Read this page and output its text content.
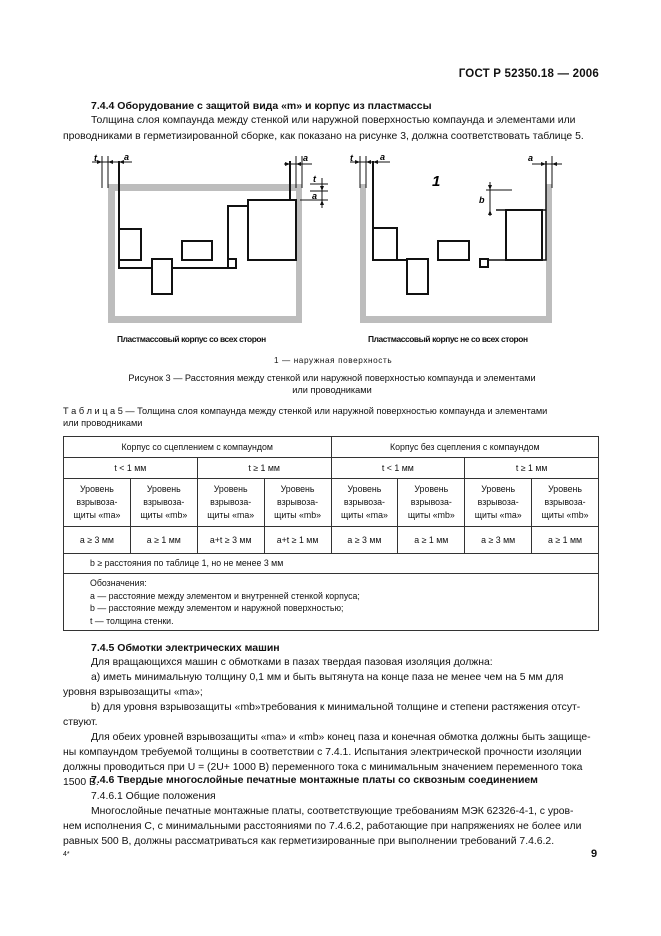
ГОСТ Р 52350.18 — 2006
7.4.4 Оборудование с защитой вида «m» и корпус из пластмассы
Толщина слоя компаунда между стенкой или наружной поверхностью компаунда и элементами или проводниками в герметизированной сборке, как показано на рисунке 3, должна соответствовать таблице 5.
t	a	a
t
a
t	a	a
b
1
Пластмассовый корпус со всех сторон	Пластмассовый корпус не со всех сторон
1 — наружная поверхность
Рисунок 3 — Расстояния между стенкой или наружной поверхностью компаунда и элементами
или проводниками
Т а б л и ц а 5 — Толщина слоя компаунда между стенкой или наружной поверхностью компаунда и элементами
или проводниками
Корпус со сцеплением с компаундом				Корпус без сцепления с компаундом			
t < 1 мм		t ≥ 1 мм		t < 1 мм		t ≥ 1 мм	
Уровень
взрывоза-
щиты «ma»	Уровень
взрывоза-
щиты «mb»	Уровень
взрывоза-
щиты «ma»	Уровень
взрывоза-
щиты «mb»	Уровень
взрывоза-
щиты «ma»	Уровень
взрывоза-
щиты «mb»	Уровень
взрывоза-
щиты «ma»	Уровень
взрывоза-
щиты «mb»
a ≥ 3 мм	a ≥ 1 мм	a+t ≥ 3 мм	a+t ≥ 1 мм	a ≥ 3 мм	a ≥ 1 мм	a ≥ 3 мм	a ≥ 1 мм
b ≥ расстояния по таблице 1, но не менее 3 мм							
Обозначения:
a — расстояние между элементом и внутренней стенкой корпуса;
b — расстояние между элементом и наружной поверхностью;
t — толщина стенки.							
7.4.5 Обмотки электрических машин
Для вращающихся машин с обмотками в пазах твердая пазовая изоляция должна:
а) иметь минимальную толщину 0,1 мм и быть вытянута на конце паза не менее чем на 5 мм для
уровня взрывозащиты «ma»;
b) для уровня взрывозащиты «mb»требования к минимальной толщине и степени растяжения отсут-
ствуют.
Для обеих уровней взрывозащиты «ma» и «mb» конец паза и конечная обмотка должны быть защище-
ны компаундом требуемой толщины в соответствии с 7.4.1. Испытания электрической прочности изоляции
должны проводиться при U = (2U+ 1000 В) переменного тока с минимальным значением переменного тока
1500 В.
7.4.6 Твердые многослойные печатные монтажные платы со сквозным соединением
7.4.6.1 Общие положения
Многослойные печатные монтажные платы, соответствующие требованиям МЭК 62326-4-1, с уров-
нем исполнения С, с минимальными расстояниями по 7.4.6.2, работающие при напряжениях не более или
равных 500 В, должны рассматриваться как герметизированные при выполнении требований 7.4.6.2.
4*	9
